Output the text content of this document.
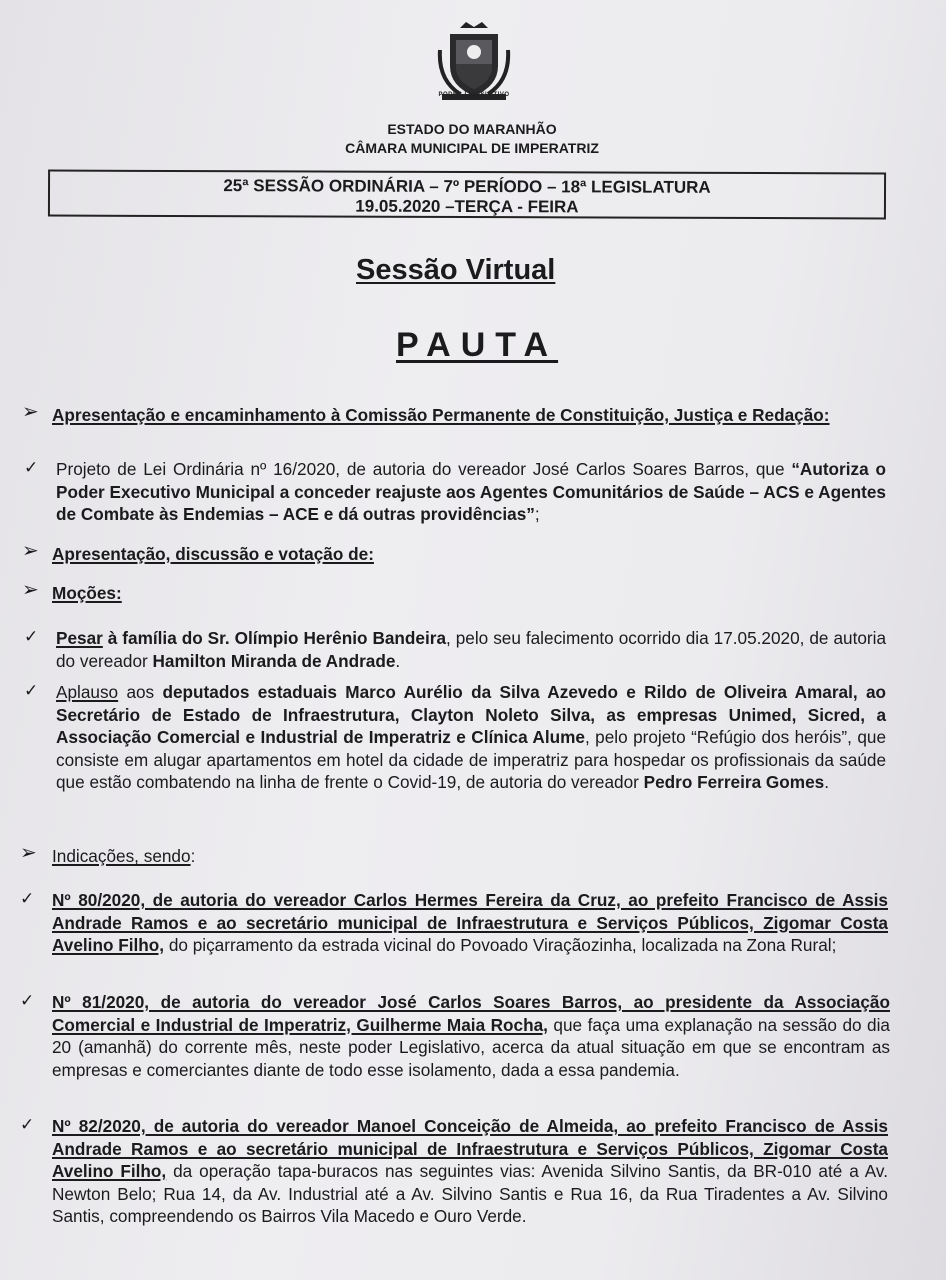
PODER LEGISLATIVO
ESTADO DO MARANHÃO
CÂMARA MUNICIPAL DE IMPERATRIZ
25ª SESSÃO ORDINÁRIA – 7º PERÍODO – 18ª LEGISLATURA
19.05.2020 –TERÇA - FEIRA
Sessão Virtual
PAUTA
➢ Apresentação e encaminhamento à Comissão Permanente de Constituição, Justiça e Redação:
✓ Projeto de Lei Ordinária nº 16/2020, de autoria do vereador José Carlos Soares Barros, que “Autoriza o Poder Executivo Municipal a conceder reajuste aos Agentes Comunitários de Saúde – ACS e Agentes de Combate às Endemias – ACE e dá outras providências”;
➢ Apresentação, discussão e votação de:
➢ Moções:
✓ Pesar à família do Sr. Olímpio Herênio Bandeira, pelo seu falecimento ocorrido dia 17.05.2020, de autoria do vereador Hamilton Miranda de Andrade.
✓ Aplauso aos deputados estaduais Marco Aurélio da Silva Azevedo e Rildo de Oliveira Amaral, ao Secretário de Estado de Infraestrutura, Clayton Noleto Silva, as empresas Unimed, Sicred, a Associação Comercial e Industrial de Imperatriz e Clínica Alume, pelo projeto “Refúgio dos heróis”, que consiste em alugar apartamentos em hotel da cidade de imperatriz para hospedar os profissionais da saúde que estão combatendo na linha de frente o Covid-19, de autoria do vereador Pedro Ferreira Gomes.
➢ Indicações, sendo:
✓ Nº 80/2020, de autoria do vereador Carlos Hermes Fereira da Cruz, ao prefeito Francisco de Assis Andrade Ramos e ao secretário municipal de Infraestrutura e Serviços Públicos, Zigomar Costa Avelino Filho, do piçarramento da estrada vicinal do Povoado Viraçãozinha, localizada na Zona Rural;
✓ Nº 81/2020, de autoria do vereador José Carlos Soares Barros, ao presidente da Associação Comercial e Industrial de Imperatriz, Guilherme Maia Rocha, que faça uma explanação na sessão do dia 20 (amanhã) do corrente mês, neste poder Legislativo, acerca da atual situação em que se encontram as empresas e comerciantes diante de todo esse isolamento, dada a essa pandemia.
✓ Nº 82/2020, de autoria do vereador Manoel Conceição de Almeida, ao prefeito Francisco de Assis Andrade Ramos e ao secretário municipal de Infraestrutura e Serviços Públicos, Zigomar Costa Avelino Filho, da operação tapa-buracos nas seguintes vias: Avenida Silvino Santis, da BR-010 até a Av. Newton Belo; Rua 14, da Av. Industrial até a Av. Silvino Santis e Rua 16, da Rua Tiradentes a Av. Silvino Santis, compreendendo os Bairros Vila Macedo e Ouro Verde.
